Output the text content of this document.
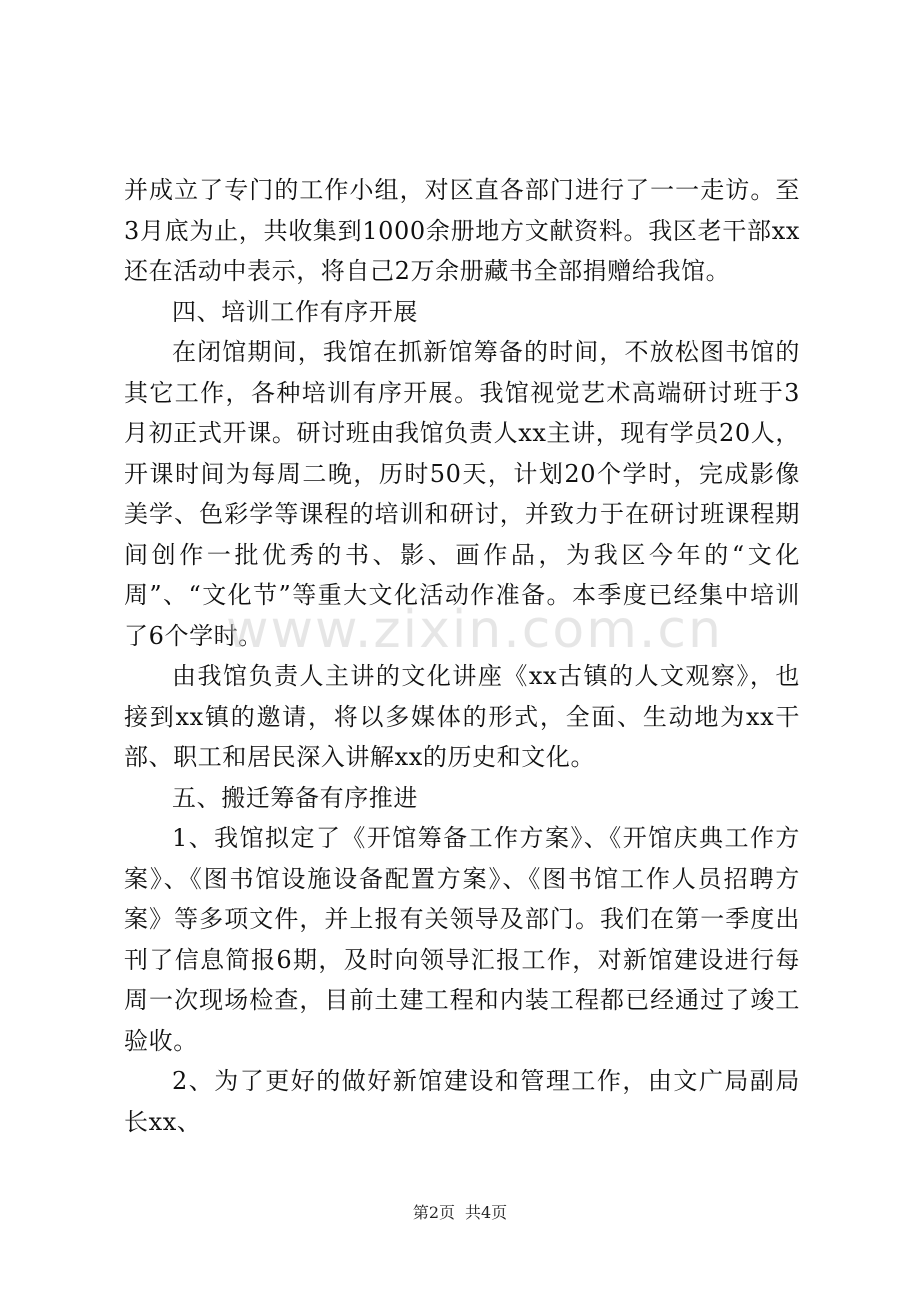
并成立了专门的工作小组，对区直各部门进行了一一走访。至3月底为止，共收集到1000余册地方文献资料。我区老干部xx还在活动中表示，将自己2万余册藏书全部捐赠给我馆。

四、培训工作有序开展

在闭馆期间，我馆在抓新馆筹备的时间，不放松图书馆的其它工作，各种培训有序开展。我馆视觉艺术高端研讨班于3月初正式开课。研讨班由我馆负责人xx主讲，现有学员20人，开课时间为每周二晚，历时50天，计划20个学时，完成影像美学、色彩学等课程的培训和研讨，并致力于在研讨班课程期间创作一批优秀的书、影、画作品，为我区今年的“文化周”、“文化节”等重大文化活动作准备。本季度已经集中培训了6个学时。

由我馆负责人主讲的文化讲座《xx古镇的人文观察》，也接到xx镇的邀请，将以多媒体的形式，全面、生动地为xx干部、职工和居民深入讲解xx的历史和文化。

五、搬迁筹备有序推进

1、我馆拟定了《开馆筹备工作方案》、《开馆庆典工作方案》、《图书馆设施设备配置方案》、《图书馆工作人员招聘方案》等多项文件，并上报有关领导及部门。我们在第一季度出刊了信息简报6期，及时向领导汇报工作，对新馆建设进行每周一次现场检查，目前土建工程和内装工程都已经通过了竣工验收。

2、为了更好的做好新馆建设和管理工作，由文广局副局长xx、

www.zixin.com.cn
第2页 共4页
